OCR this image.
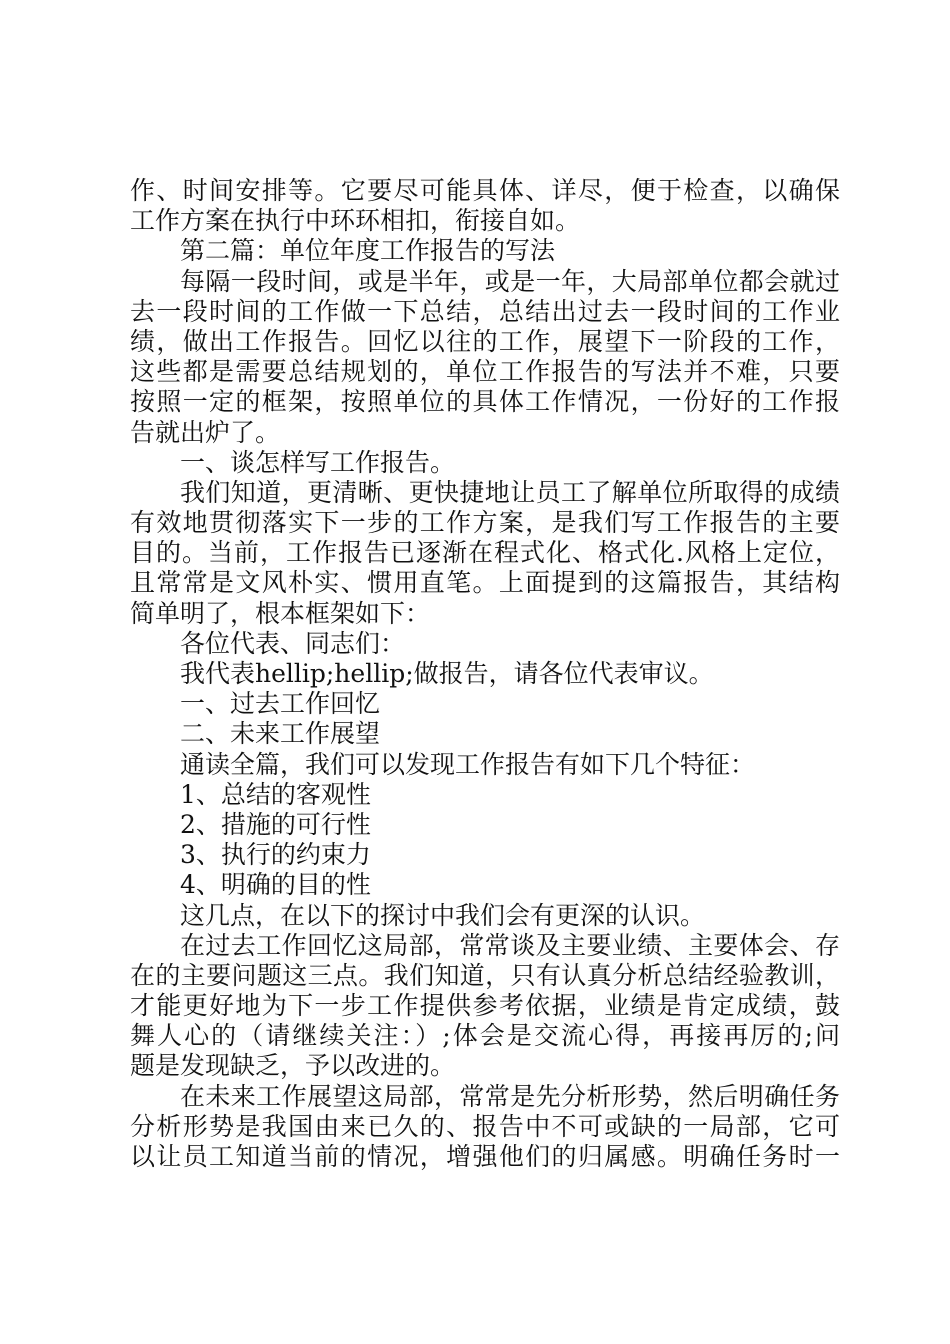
作、时间安排等。它要尽可能具体、详尽，便于检查，以确保
工作方案在执行中环环相扣，衔接自如。
第二篇：单位年度工作报告的写法
每隔一段时间，或是半年，或是一年，大局部单位都会就过
去一段时间的工作做一下总结，总结出过去一段时间的工作业
绩，做出工作报告。回忆以往的工作，展望下一阶段的工作，
这些都是需要总结规划的，单位工作报告的写法并不难，只要
按照一定的框架，按照单位的具体工作情况，一份好的工作报
告就出炉了。
一、谈怎样写工作报告。
我们知道，更清晰、更快捷地让员工了解单位所取得的成绩
有效地贯彻落实下一步的工作方案，是我们写工作报告的主要
目的。当前，工作报告已逐渐在程式化、格式化.风格上定位，
且常常是文风朴实、惯用直笔。上面提到的这篇报告，其结构
简单明了，根本框架如下：
各位代表、同志们：
我代表hellip;hellip;做报告，请各位代表审议。
一、过去工作回忆
二、未来工作展望
通读全篇，我们可以发现工作报告有如下几个特征：
1、总结的客观性
2、措施的可行性
3、执行的约束力
4、明确的目的性
这几点，在以下的探讨中我们会有更深的认识。
在过去工作回忆这局部，常常谈及主要业绩、主要体会、存
在的主要问题这三点。我们知道，只有认真分析总结经验教训，
才能更好地为下一步工作提供参考依据，业绩是肯定成绩，鼓
舞人心的（请继续关注：）;体会是交流心得，再接再厉的;问
题是发现缺乏，予以改进的。
在未来工作展望这局部，常常是先分析形势，然后明确任务
分析形势是我国由来已久的、报告中不可或缺的一局部，它可
以让员工知道当前的情况，增强他们的归属感。明确任务时一
